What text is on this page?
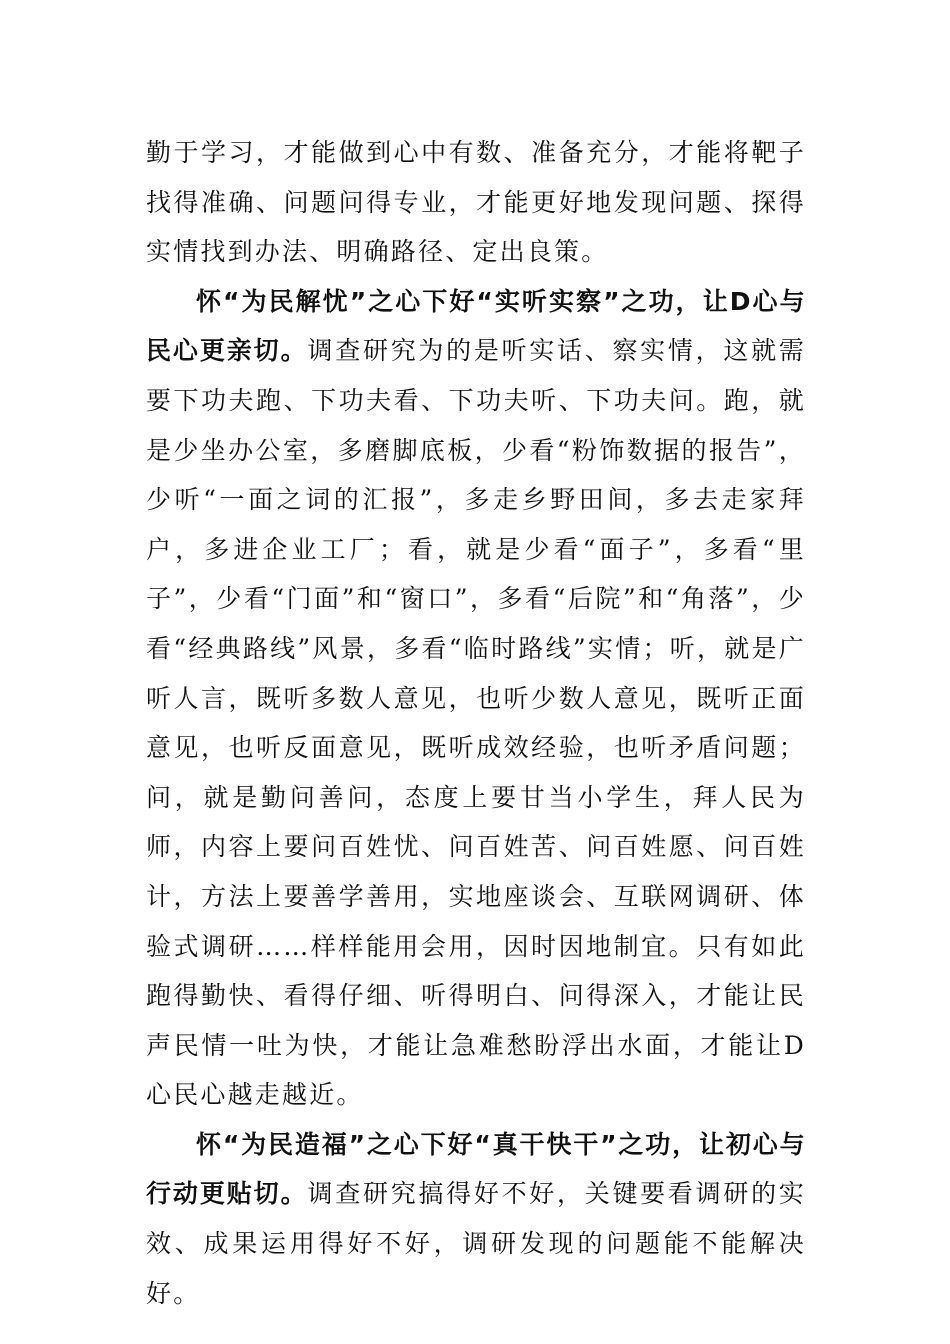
勤于学习，才能做到心中有数、准备充分，才能将靶子找得准确、问题问得专业，才能更好地发现问题、探得实情找到办法、明确路径、定出良策。

怀“为民解忧”之心下好“实听实察”之功，让D心与民心更亲切。调查研究为的是听实话、察实情，这就需要下功夫跑、下功夫看、下功夫听、下功夫问。跑，就是少坐办公室，多磨脚底板，少看“粉饰数据的报告”，少听“一面之词的汇报”，多走乡野田间，多去走家拜户，多进企业工厂；看，就是少看“面子”，多看“里子”，少看“门面”和“窗口”，多看“后院”和“角落”，少看“经典路线”风景，多看“临时路线”实情；听，就是广听人言，既听多数人意见，也听少数人意见，既听正面意见，也听反面意见，既听成效经验，也听矛盾问题；问，就是勤问善问，态度上要甘当小学生，拜人民为师，内容上要问百姓忧、问百姓苦、问百姓愿、问百姓计，方法上要善学善用，实地座谈会、互联网调研、体验式调研……样样能用会用，因时因地制宜。只有如此跑得勤快、看得仔细、听得明白、问得深入，才能让民声民情一吐为快，才能让急难愁盼浮出水面，才能让D心民心越走越近。

怀“为民造福”之心下好“真干快干”之功，让初心与行动更贴切。调查研究搞得好不好，关键要看调研的实效、成果运用得好不好，调研发现的问题能不能解决好。
